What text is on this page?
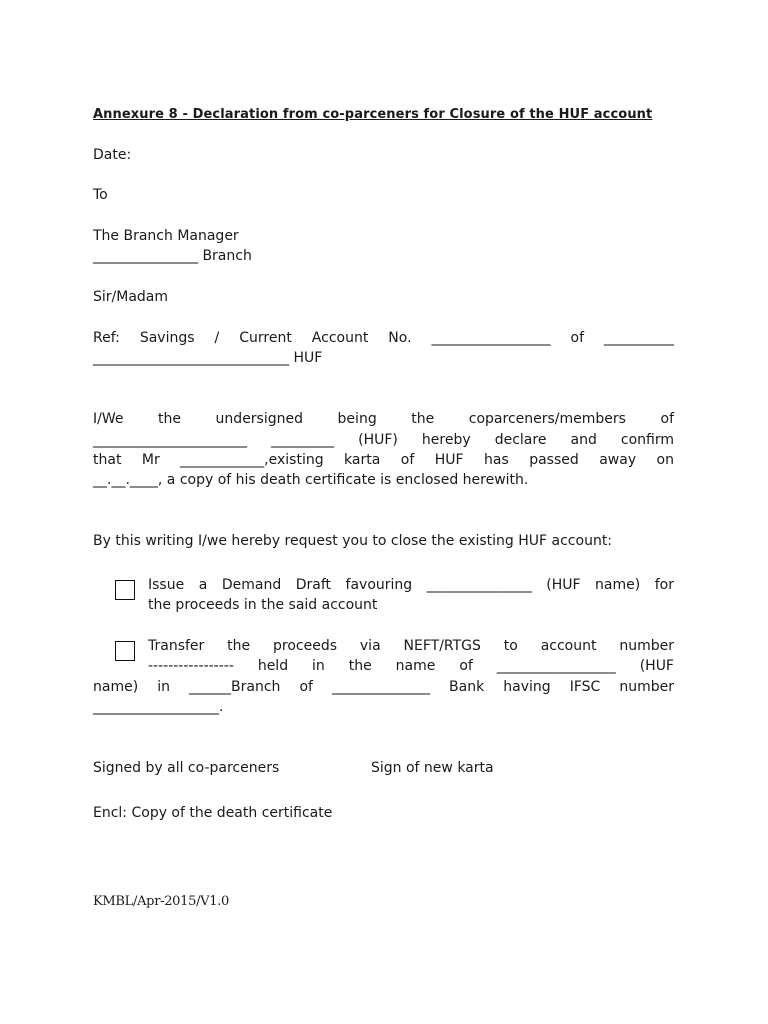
Annexure 8 - Declaration from co-parceners for Closure of the HUF account
Date:
To
The Branch Manager
_______________ Branch
Sir/Madam
Ref: Savings / Current Account No. _________________ of __________
____________________________ HUF
I/We the undersigned being the coparceners/members of
______________________ _________ (HUF) hereby declare and confirm
that Mr ____________,existing karta of HUF has passed away on
__.__.____, a copy of his death certificate is enclosed herewith.
By this writing I/we hereby request you to close the existing HUF account:
Issue a Demand Draft favouring _______________ (HUF name) for
the proceeds in the said account
Transfer the proceeds via NEFT/RTGS to account number
----------------- held in the name of _________________ (HUF
name) in ______Branch of ______________ Bank having IFSC number
__________________.
Signed by all co-parceners	Sign of new karta
Encl: Copy of the death certificate
KMBL/Apr-2015/V1.0
